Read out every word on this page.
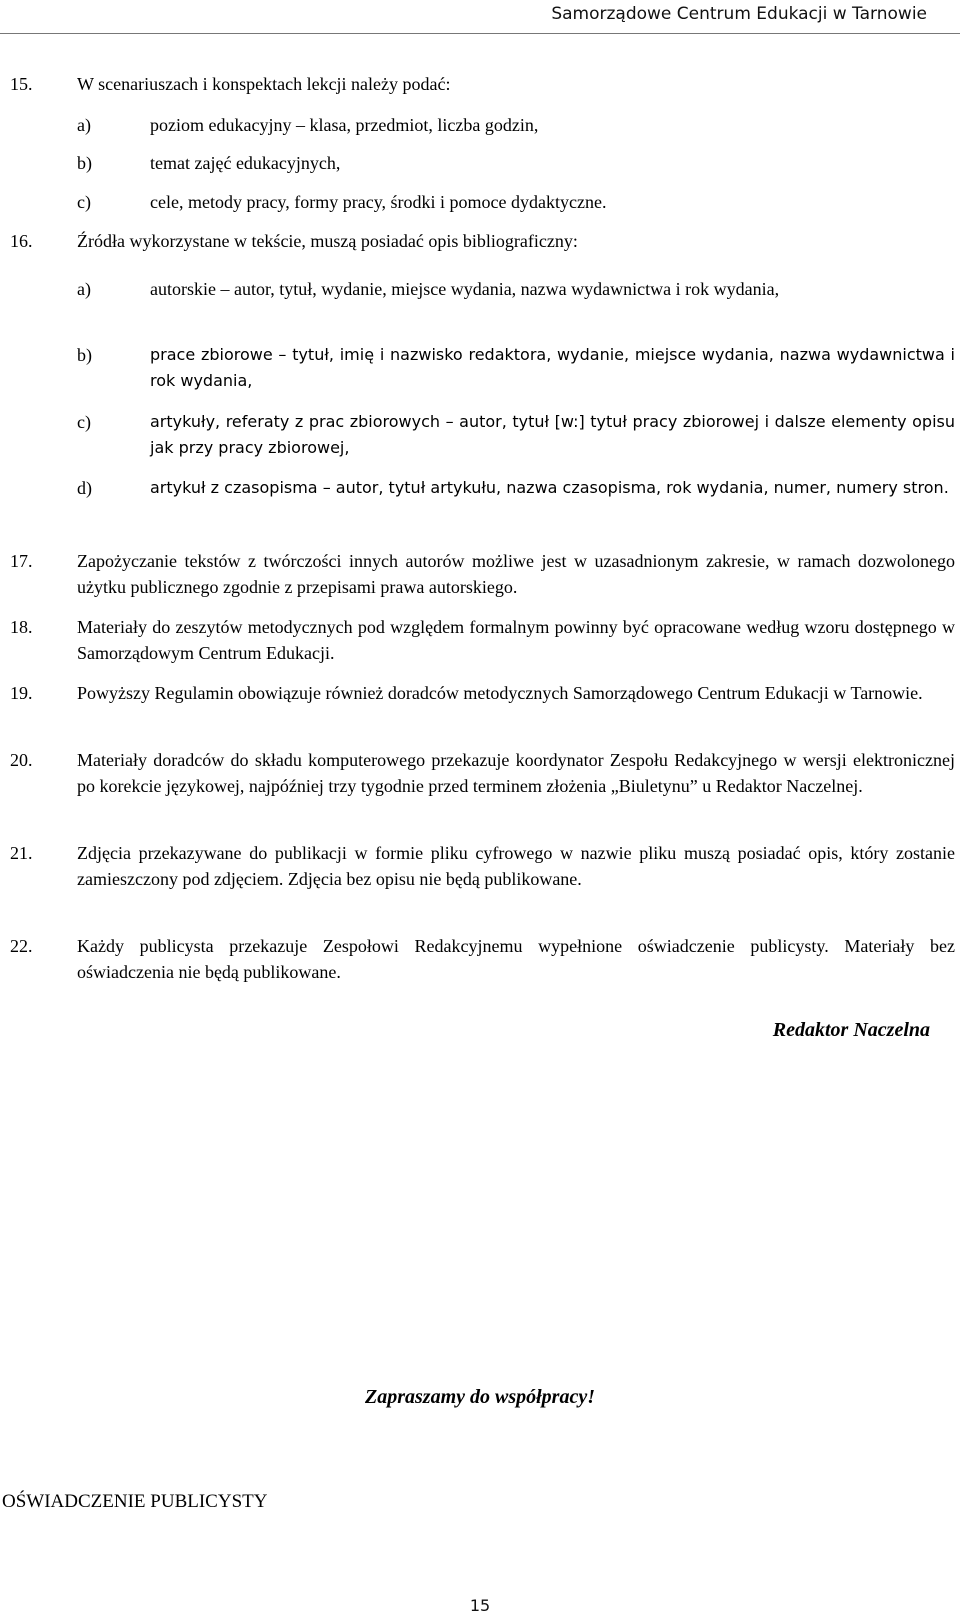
Samorządowe Centrum Edukacji w Tarnowie
15.	W scenariuszach i konspektach lekcji należy podać:
a)	poziom edukacyjny – klasa, przedmiot, liczba godzin,
b)	temat zajęć edukacyjnych,
c)	cele, metody pracy, formy pracy, środki i pomoce dydaktyczne.
16.	Źródła wykorzystane w tekście, muszą posiadać opis bibliograficzny:
a)	autorskie – autor, tytuł, wydanie, miejsce wydania, nazwa wydawnictwa i rok wydania,
b)	prace zbiorowe – tytuł, imię i nazwisko redaktora, wydanie, miejsce wydania, nazwa wydawnictwa i rok wydania,
c)	artykuły, referaty z prac zbiorowych – autor, tytuł [w:] tytuł pracy zbiorowej i dalsze elementy opisu jak przy pracy zbiorowej,
d)	artykuł z czasopisma – autor, tytuł artykułu, nazwa czasopisma, rok wydania, numer, numery stron.
17.	Zapożyczanie tekstów z twórczości innych autorów możliwe jest w uzasadnionym zakresie, w ramach dozwolonego użytku publicznego zgodnie z przepisami prawa autorskiego.
18.	Materiały do zeszytów metodycznych pod względem formalnym powinny być opracowane według wzoru dostępnego w Samorządowym Centrum Edukacji.
19.	Powyższy Regulamin obowiązuje również doradców metodycznych Samorządowego Centrum Edukacji w Tarnowie.
20.	Materiały doradców do składu komputerowego przekazuje koordynator Zespołu Redakcyjnego w wersji elektronicznej po korekcie językowej, najpóźniej trzy tygodnie przed terminem złożenia „Biuletynu” u Redaktor Naczelnej.
21.	Zdjęcia przekazywane do publikacji w formie pliku cyfrowego w nazwie pliku muszą posiadać opis, który zostanie zamieszczony pod zdjęciem. Zdjęcia bez opisu nie będą publikowane.
22.	Każdy publicysta przekazuje Zespołowi Redakcyjnemu wypełnione oświadczenie publicysty. Materiały bez oświadczenia nie będą publikowane.
Redaktor Naczelna
Zapraszamy do współpracy!
OŚWIADCZENIE PUBLICYSTY
15
